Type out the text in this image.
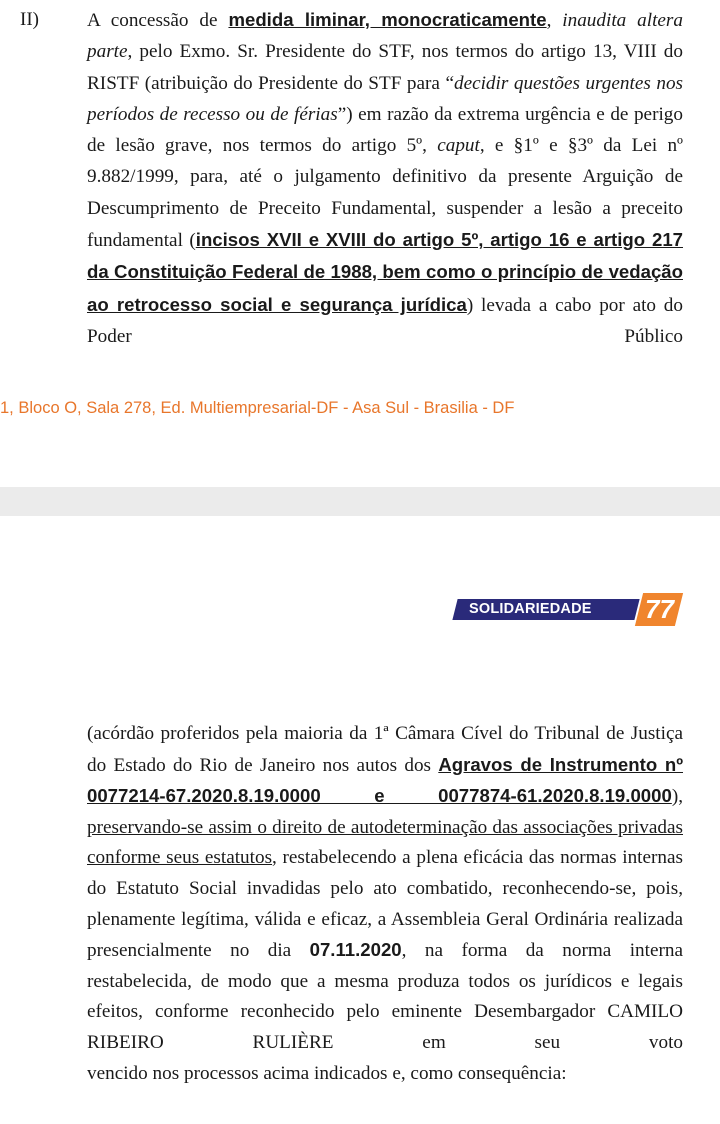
II)	A concessão de medida liminar, monocraticamente, inaudita altera parte, pelo Exmo. Sr. Presidente do STF, nos termos do artigo 13, VIII do RISTF (atribuição do Presidente do STF para “decidir questões urgentes nos períodos de recesso ou de férias”) em razão da extrema urgência e de perigo de lesão grave, nos termos do artigo 5º, caput, e §1º e §3º da Lei nº 9.882/1999, para, até o julgamento definitivo da presente Arguição de Descumprimento de Preceito Fundamental, suspender a lesão a preceito fundamental (incisos XVII e XVIII do artigo 5º, artigo 16 e artigo 217 da Constituição Federal de 1988, bem como o princípio de vedação ao retrocesso social e segurança jurídica) levada a cabo por ato do Poder Público
1, Bloco O, Sala 278, Ed. Multiempresarial-DF - Asa Sul - Brasilia - DF
SOLIDARIEDADE 77
(acórdão proferidos pela maioria da 1ª Câmara Cível do Tribunal de Justiça do Estado do Rio de Janeiro nos autos dos Agravos de Instrumento nº 0077214-67.2020.8.19.0000 e 0077874-61.2020.8.19.0000), preservando-se assim o direito de autodeterminação das associações privadas conforme seus estatutos, restabelecendo a plena eficácia das normas internas do Estatuto Social invadidas pelo ato combatido, reconhecendo-se, pois, plenamente legítima, válida e eficaz, a Assembleia Geral Ordinária realizada presencialmente no dia 07.11.2020, na forma da norma interna restabelecida, de modo que a mesma produza todos os jurídicos e legais efeitos, conforme reconhecido pelo eminente Desembargador CAMILO RIBEIRO RULIÈRE em seu voto
vencido nos processos acima indicados e, como consequência:
